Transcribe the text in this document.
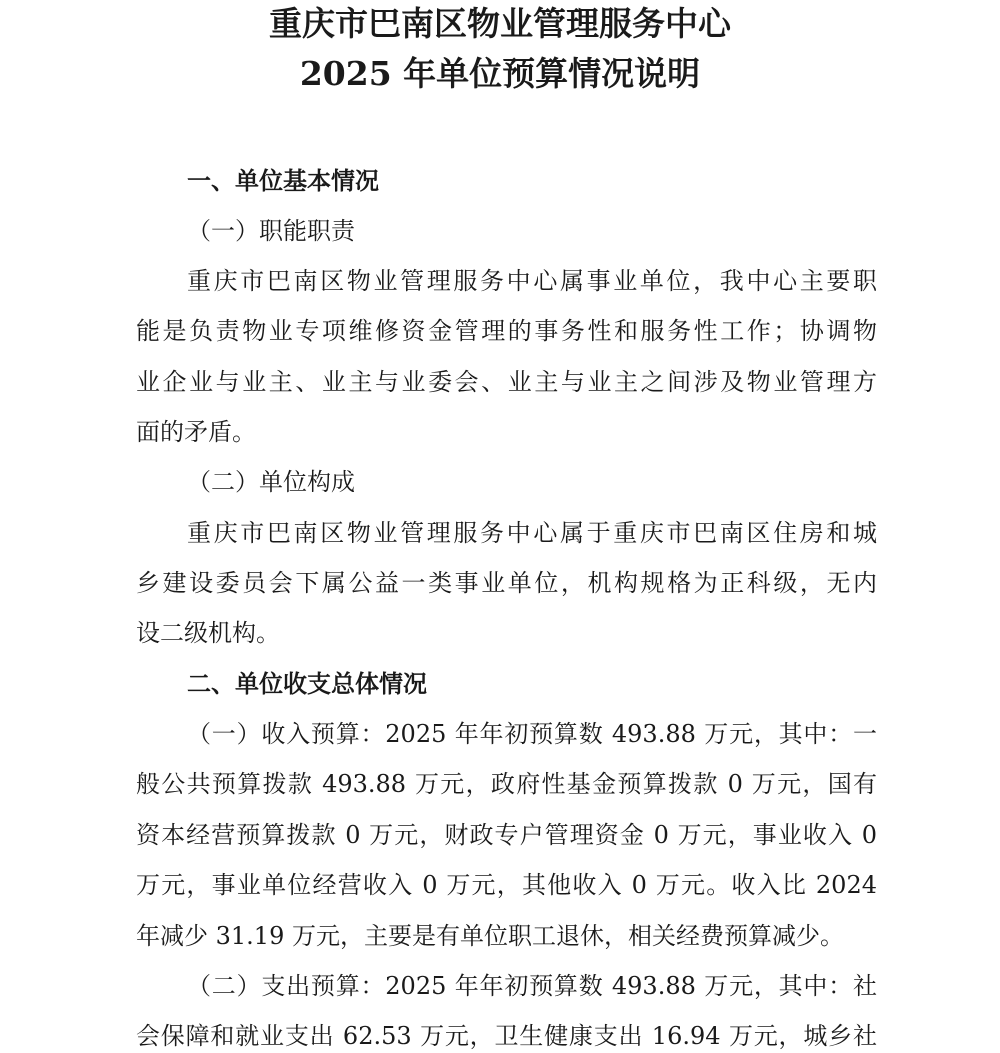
重庆市巴南区物业管理服务中心
2025 年单位预算情况说明
一、单位基本情况
（一）职能职责
重庆市巴南区物业管理服务中心属事业单位，我中心主要职
能是负责物业专项维修资金管理的事务性和服务性工作；协调物
业企业与业主、业主与业委会、业主与业主之间涉及物业管理方
面的矛盾。
（二）单位构成
重庆市巴南区物业管理服务中心属于重庆市巴南区住房和城
乡建设委员会下属公益一类事业单位，机构规格为正科级，无内
设二级机构。
二、单位收支总体情况
（一）收入预算：2025 年年初预算数 493.88 万元，其中：一
般公共预算拨款 493.88 万元，政府性基金预算拨款 0 万元，国有
资本经营预算拨款 0 万元，财政专户管理资金 0 万元，事业收入 0
万元，事业单位经营收入 0 万元，其他收入 0 万元。收入比 2024
年减少 31.19 万元，主要是有单位职工退休，相关经费预算减少。
（二）支出预算：2025 年年初预算数 493.88 万元，其中：社
会保障和就业支出 62.53 万元，卫生健康支出 16.94 万元，城乡社
